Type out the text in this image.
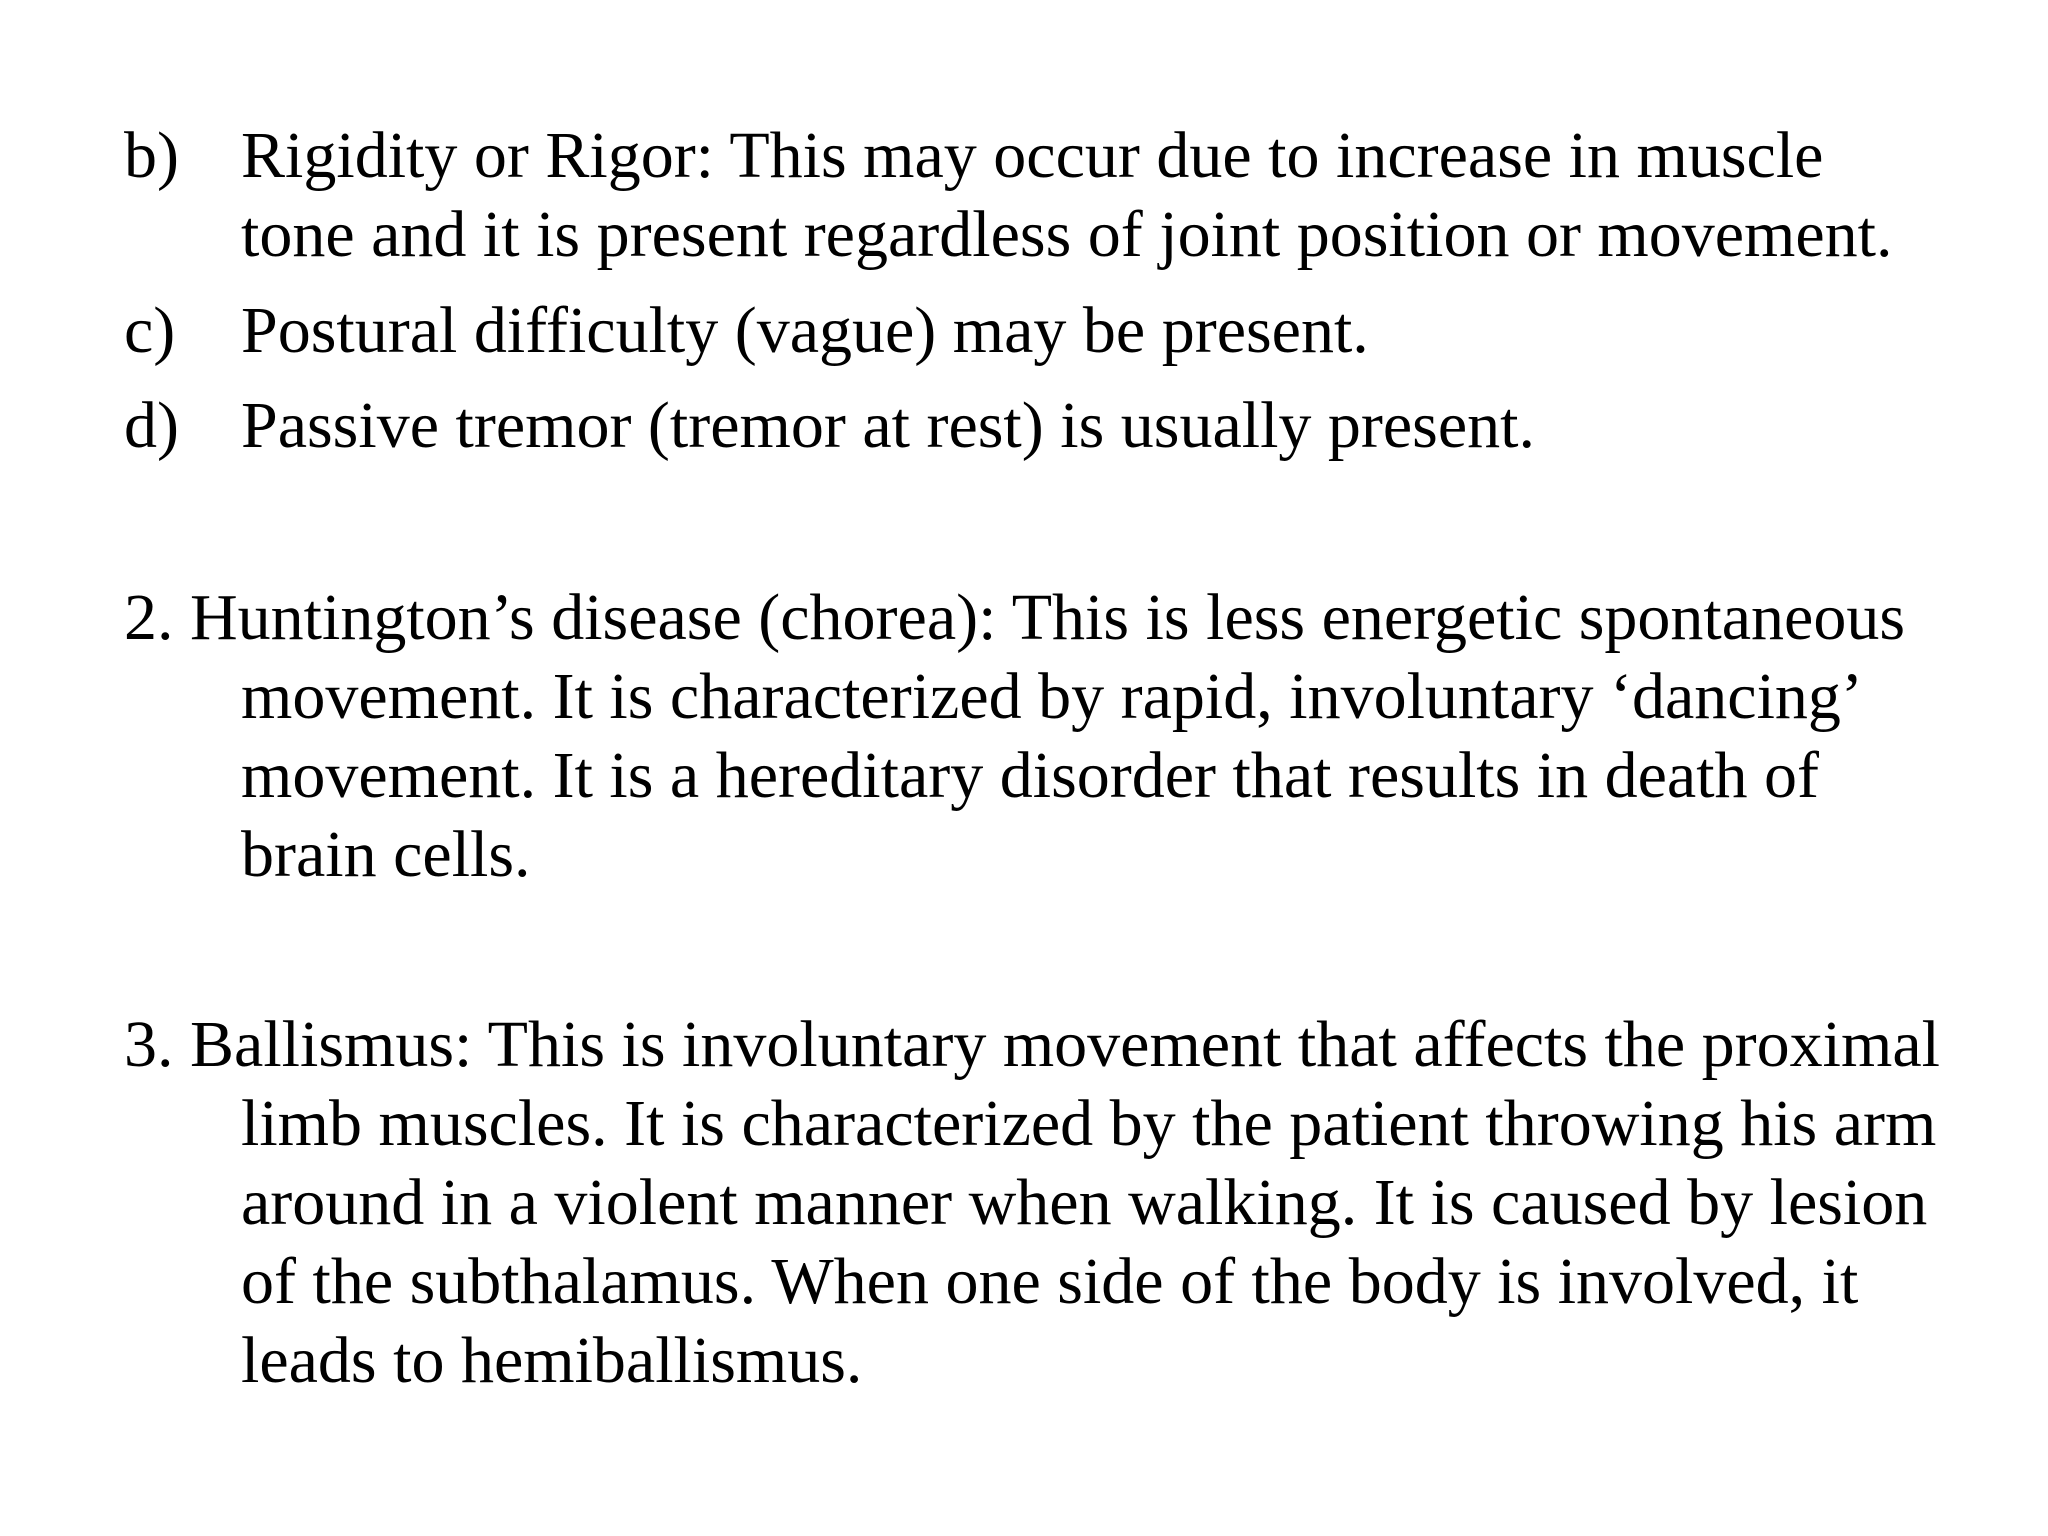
b) Rigidity or Rigor: This may occur due to increase in muscle
tone and it is present regardless of joint position or movement.
c) Postural difficulty (vague) may be present.
d) Passive tremor (tremor at rest) is usually present.
2. Huntington’s disease (chorea): This is less energetic spontaneous
movement. It is characterized by rapid, involuntary ‘dancing’
movement. It is a hereditary disorder that results in death of
brain cells.
3. Ballismus: This is involuntary movement that affects the proximal
limb muscles. It is characterized by the patient throwing his arm
around in a violent manner when walking. It is caused by lesion
of the subthalamus. When one side of the body is involved, it
leads to hemiballismus.
